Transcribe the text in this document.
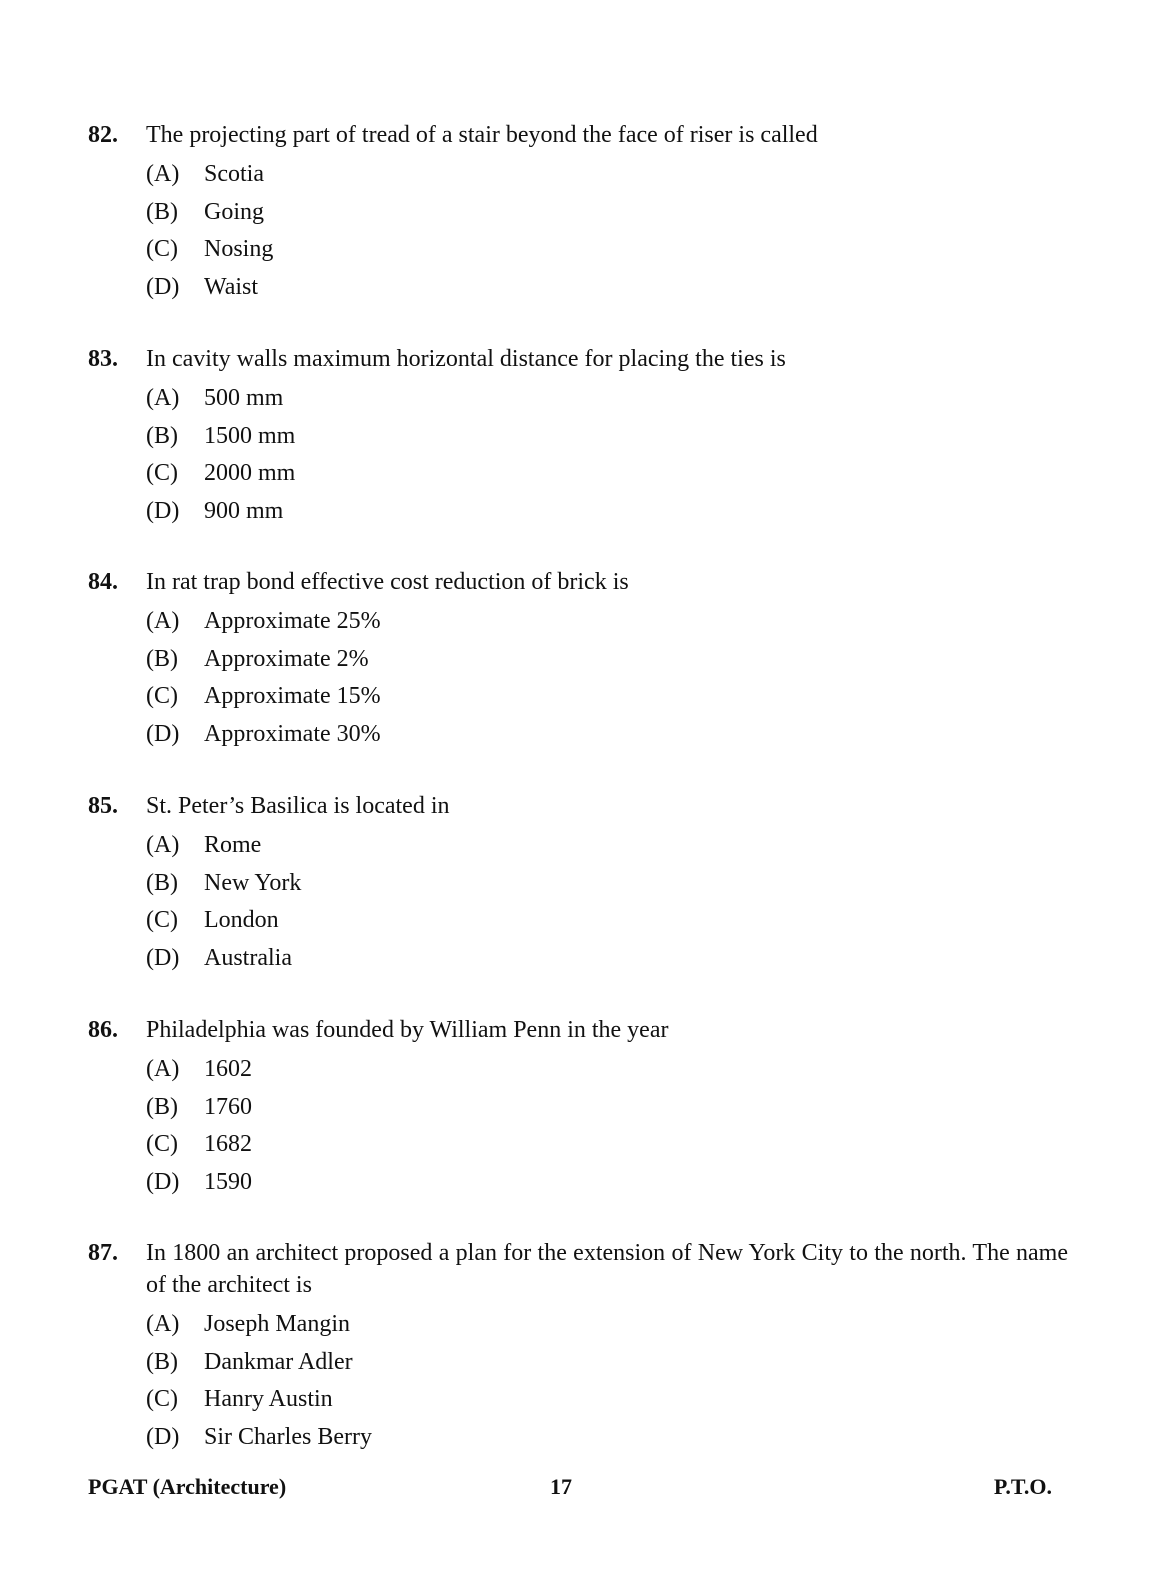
82.	The projecting part of tread of a stair beyond the face of riser is called
(A)	Scotia
(B)	Going
(C)	Nosing
(D)	Waist
83.	In cavity walls maximum horizontal distance for placing the ties is
(A)	500 mm
(B)	1500 mm
(C)	2000 mm
(D)	900 mm
84.	In rat trap bond effective cost reduction of brick is
(A)	Approximate 25%
(B)	Approximate 2%
(C)	Approximate 15%
(D)	Approximate 30%
85.	St. Peter’s Basilica is located in
(A)	Rome
(B)	New York
(C)	London
(D)	Australia
86.	Philadelphia was founded by William Penn in the year
(A)	1602
(B)	1760
(C)	1682
(D)	1590
87.	In 1800 an architect proposed a plan for the extension of New York City to the north. The name of the architect is
(A)	Joseph Mangin
(B)	Dankmar Adler
(C)	Hanry Austin
(D)	Sir Charles Berry
PGAT (Architecture)	17	P.T.O.
